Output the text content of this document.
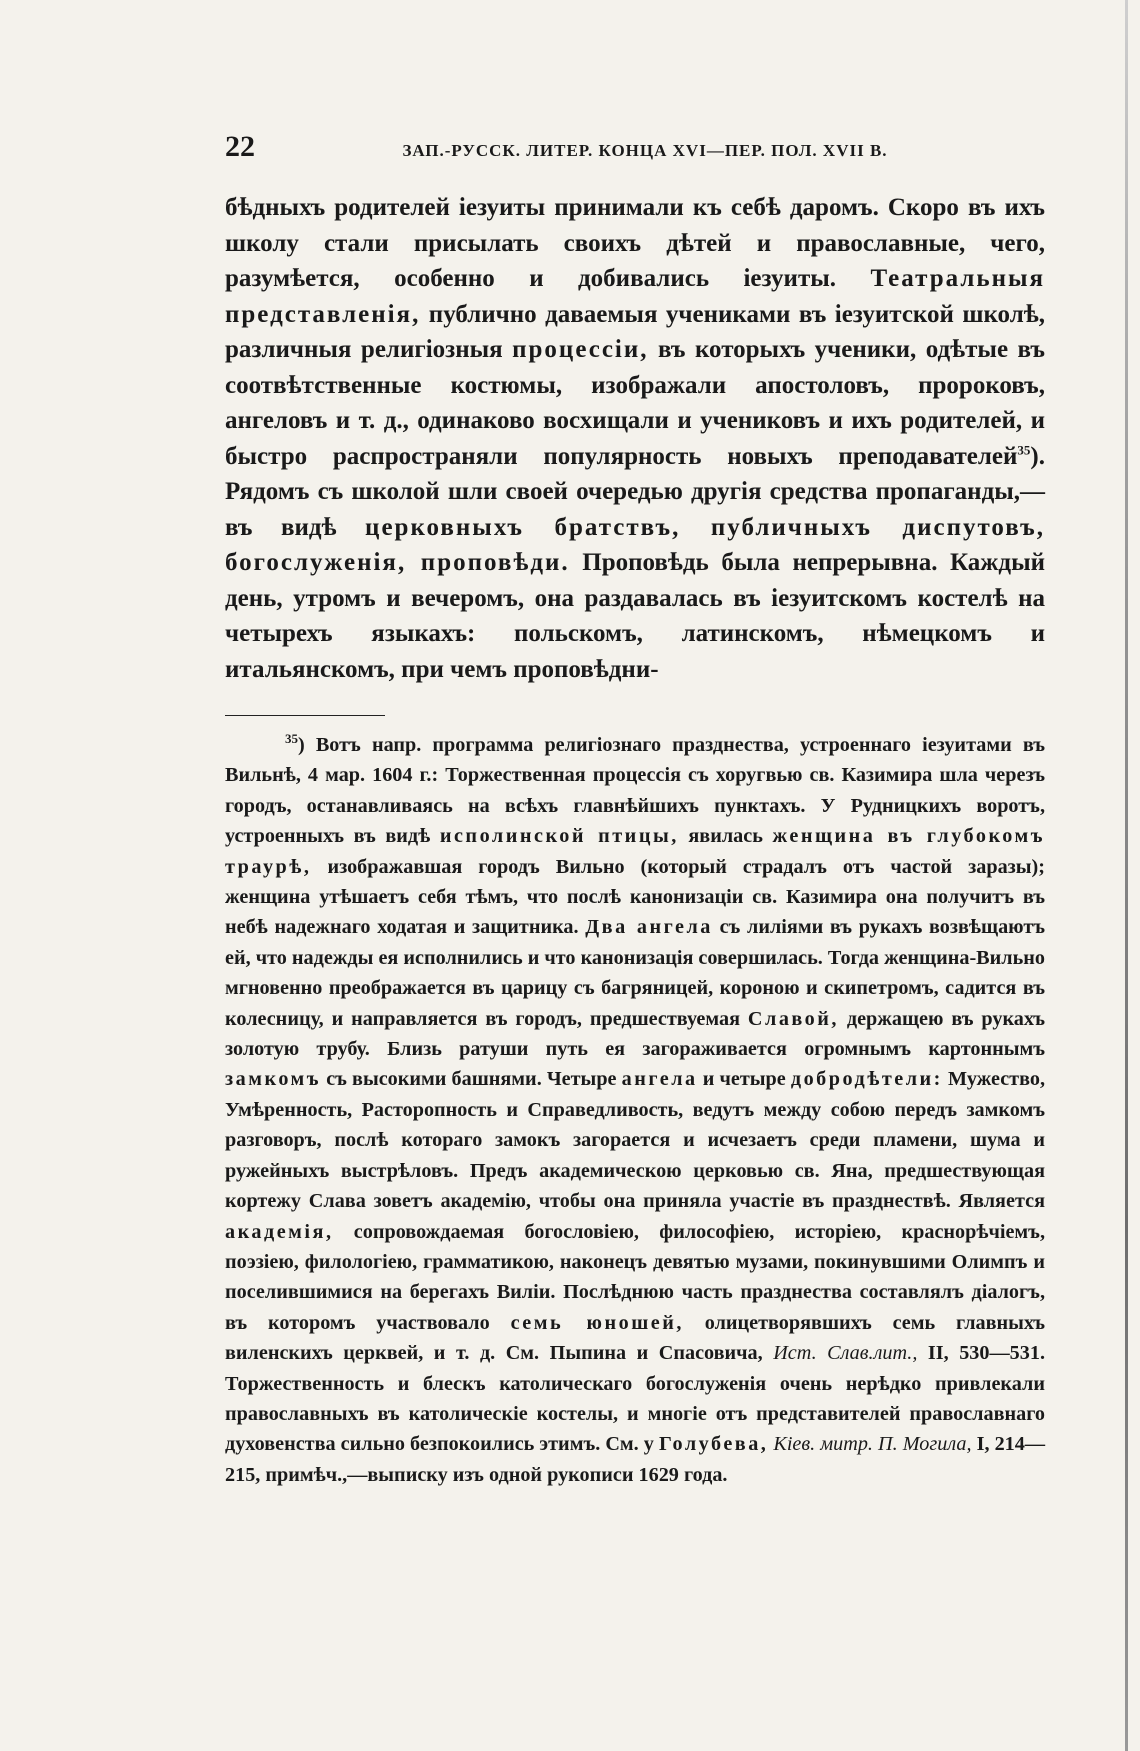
22	ЗАП.-РУССК. ЛИТЕР. КОНЦА XVI—ПЕР. ПОЛ. XVII В.
бѣдныхъ родителей іезуиты принимали къ себѣ даромъ. Скоро въ ихъ школу стали присылать своихъ дѣтей и православные, чего, разумѣется, особенно и добивались іезуиты. Театральныя представленія, публично даваемыя учениками въ іезуитской школѣ, различныя религіозныя процессіи, въ которыхъ ученики, одѣтые въ соотвѣтственные костюмы, изображали апостоловъ, пророковъ, ангеловъ и т. д., одинаково восхищали и учениковъ и ихъ родителей, и быстро распространяли популярность новыхъ преподавателей$^{35}$). Рядомъ съ школой шли своей очередью другія средства пропаганды,—въ видѣ церковныхъ братствъ, публичныхъ диспутовъ, богослуженія, проповѣди. Проповѣдь была непрерывна. Каждый день, утромъ и вечеромъ, она раздавалась въ іезуитскомъ костелѣ на четырехъ языкахъ: польскомъ, латинскомъ, нѣмецкомъ и итальянскомъ, при чемъ проповѣдни-
$^{35}$) Вотъ напр. программа религіознаго празднества, устроеннаго іезуитами въ Вильнѣ, 4 мар. 1604 г.: Торжественная процессія съ хоругвью св. Казимира шла черезъ городъ, останавливаясь на всѣхъ главнѣйшихъ пунктахъ. У Рудницкихъ воротъ, устроенныхъ въ видѣ исполинской птицы, явилась женщина въ глубокомъ траурѣ, изображавшая городъ Вильно (который страдалъ отъ частой заразы); женщина утѣшаетъ себя тѣмъ, что послѣ канонизаціи св. Казимира она получитъ въ небѣ надежнаго ходатая и защитника. Два ангела съ лиліями въ рукахъ возвѣщаютъ ей, что надежды ея исполнились и что канонизація совершилась. Тогда женщина-Вильно мгновенно преображается въ царицу съ багряницей, короною и скипетромъ, садится въ колесницу, и направляется въ городъ, предшествуемая Славой, держащею въ рукахъ золотую трубу. Близь ратуши путь ея загораживается огромнымъ картоннымъ замкомъ съ высокими башнями. Четыре ангела и четыре добродѣтели: Мужество, Умѣренность, Расторопность и Справедливость, ведутъ между собою передъ замкомъ разговоръ, послѣ котораго замокъ загорается и исчезаетъ среди пламени, шума и ружейныхъ выстрѣловъ. Предъ академическою церковью св. Яна, предшествующая кортежу Слава зоветъ академію, чтобы она приняла участіе въ празднествѣ. Является академія, сопровождаемая богословіею, философіею, исторіею, краснорѣчіемъ, поэзіею, филологіею, грамматикою, наконецъ девятью музами, покинувшими Олимпъ и поселившимися на берегахъ Виліи. Послѣднюю часть празднества составлялъ діалогъ, въ которомъ участвовало семь юношей, олицетворявшихъ семь главныхъ виленскихъ церквей, и т. д. См. Пыпина и Спасовича, Ист. Слав.лит., II, 530—531. Торжественность и блескъ католическаго богослуженія очень нерѣдко привлекали православныхъ въ католическіе костелы, и многіе отъ представителей православнаго духовенства сильно безпокоились этимъ. См. у Голубева, Кіев. митр. П. Могила, I, 214—215, примѣч.,—выписку изъ одной рукописи 1629 года.
